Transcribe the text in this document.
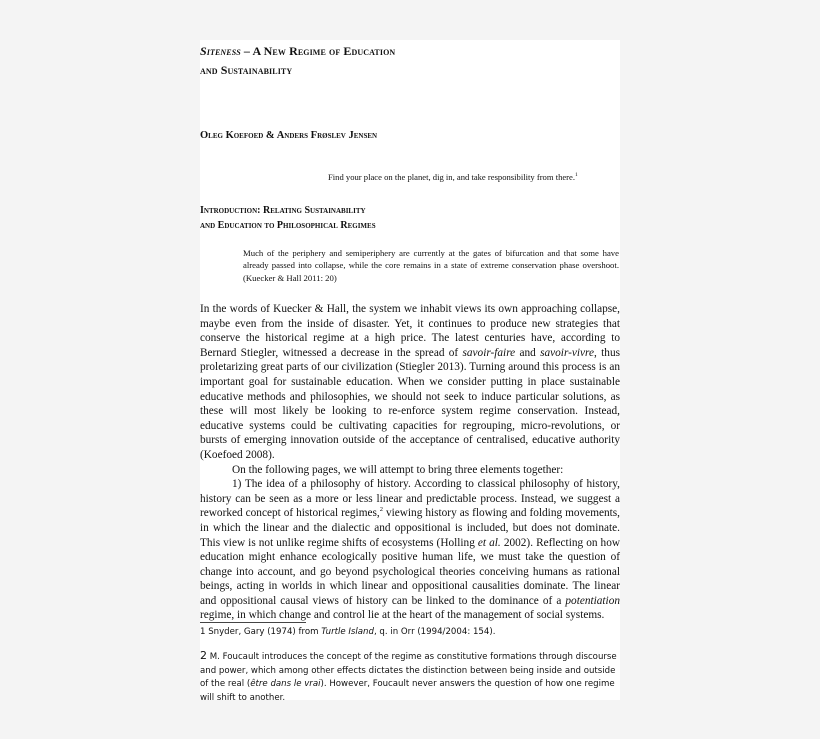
Siteness – A New Regime of Education
and Sustainability
Oleg Koefoed & Anders Frøslev Jensen
Find your place on the planet, dig in, and take responsibility from there.$^1$
Introduction: Relating Sustainability
and Education to Philosophical Regimes
Much of the periphery and semiperiphery are currently at the gates of bifurcation and that some have already passed into collapse, while the core remains in a state of extreme conservation phase overshoot. (Kuecker & Hall 2011: 20)

In the words of Kuecker & Hall, the system we inhabit views its own approaching collapse, maybe even from the inside of disaster. Yet, it continues to produce new strategies that conserve the historical regime at a high price. The latest centuries have, according to Bernard Stiegler, witnessed a decrease in the spread of savoir-faire and savoir-vivre, thus proletarizing great parts of our civilization (Stiegler 2013). Turning around this process is an important goal for sustainable education. When we consider putting in place sustainable educative methods and philosophies, we should not seek to induce particular solutions, as these will most likely be looking to re-enforce system regime conservation. Instead, educative systems could be cultivating capacities for regrouping, micro-revolutions, or bursts of emerging innovation outside of the acceptance of centralised, educative authority (Koefoed 2008).

On the following pages, we will attempt to bring three elements together:

1) The idea of a philosophy of history. According to classical philosophy of history, history can be seen as a more or less linear and predictable process. Instead, we suggest a reworked concept of historical regimes,$^2$ viewing history as flowing and folding movements, in which the linear and the dialectic and oppositional is included, but does not dominate. This view is not unlike regime shifts of ecosystems (Holling et al. 2002). Reflecting on how education might enhance ecologically positive human life, we must take the question of change into account, and go beyond psychological theories conceiving humans as rational beings, acting in worlds in which linear and oppositional causalities dominate. The linear and oppositional causal views of history can be linked to the dominance of a potentiation regime, in which change and control lie at the heart of the management of social systems.

1 Snyder, Gary (1974) from Turtle Island, q. in Orr (1994/2004: 154).
2 M. Foucault introduces the concept of the regime as constitutive formations through discourse and power, which among other effects dictates the distinction between being inside and outside of the real (être dans le vrai). However, Foucault never answers the question of how one regime will shift to another.
